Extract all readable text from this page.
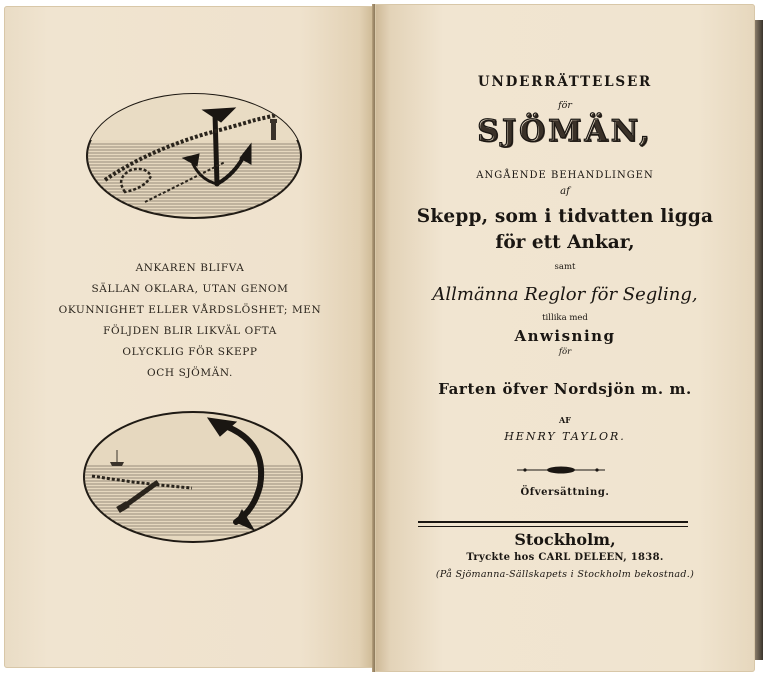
ANKAREN BLIFVA
SÄLLAN OKLARA, UTAN GENOM
OKUNNIGHET ELLER VÅRDSLÖSHET; MEN
FÖLJDEN BLIR LIKVÄL OFTA
OLYCKLIG FÖR SKEPP
OCH SJÖMÄN.
UNDERRÄTTELSER
för
SJÖMÄN,
ANGÅENDE BEHANDLINGEN
af
Skepp, som i tidvatten ligga
för ett Ankar,
samt
Allmänna Reglor för Segling,
tillika med
Anwisning
för
Farten öfver Nordsjön m. m.
AF
HENRY TAYLOR.
Öfversättning.
Stockholm,
Tryckte hos CARL DELEEN, 1838.
(På Sjömanna-Sällskapets i Stockholm bekostnad.)
